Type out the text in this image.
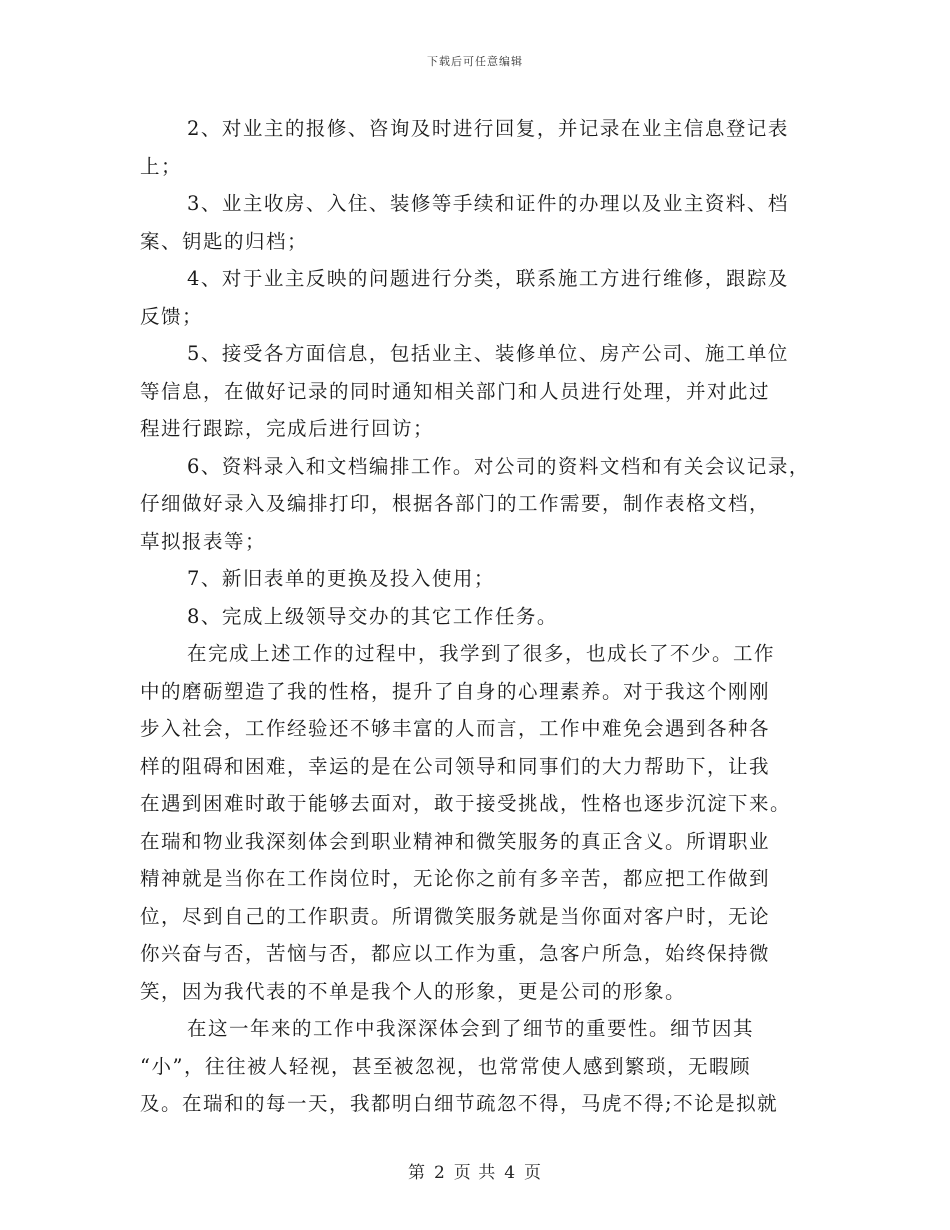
下载后可任意编辑
2、对业主的报修、咨询及时进行回复，并记录在业主信息登记表
上；
3、业主收房、入住、装修等手续和证件的办理以及业主资料、档
案、钥匙的归档；
4、对于业主反映的问题进行分类，联系施工方进行维修，跟踪及
反馈；
5、接受各方面信息，包括业主、装修单位、房产公司、施工单位
等信息，在做好记录的同时通知相关部门和人员进行处理，并对此过
程进行跟踪，完成后进行回访；
6、资料录入和文档编排工作。对公司的资料文档和有关会议记录，
仔细做好录入及编排打印，根据各部门的工作需要，制作表格文档，
草拟报表等；
7、新旧表单的更换及投入使用；
8、完成上级领导交办的其它工作任务。
在完成上述工作的过程中，我学到了很多，也成长了不少。工作
中的磨砺塑造了我的性格，提升了自身的心理素养。对于我这个刚刚
步入社会，工作经验还不够丰富的人而言，工作中难免会遇到各种各
样的阻碍和困难，幸运的是在公司领导和同事们的大力帮助下，让我
在遇到困难时敢于能够去面对，敢于接受挑战，性格也逐步沉淀下来。
在瑞和物业我深刻体会到职业精神和微笑服务的真正含义。所谓职业
精神就是当你在工作岗位时，无论你之前有多辛苦，都应把工作做到
位，尽到自己的工作职责。所谓微笑服务就是当你面对客户时，无论
你兴奋与否，苦恼与否，都应以工作为重，急客户所急，始终保持微
笑，因为我代表的不单是我个人的形象，更是公司的形象。
在这一年来的工作中我深深体会到了细节的重要性。细节因其
“小”，往往被人轻视，甚至被忽视，也常常使人感到繁琐，无暇顾
及。在瑞和的每一天，我都明白细节疏忽不得，马虎不得;不论是拟就
第 2 页 共 4 页
